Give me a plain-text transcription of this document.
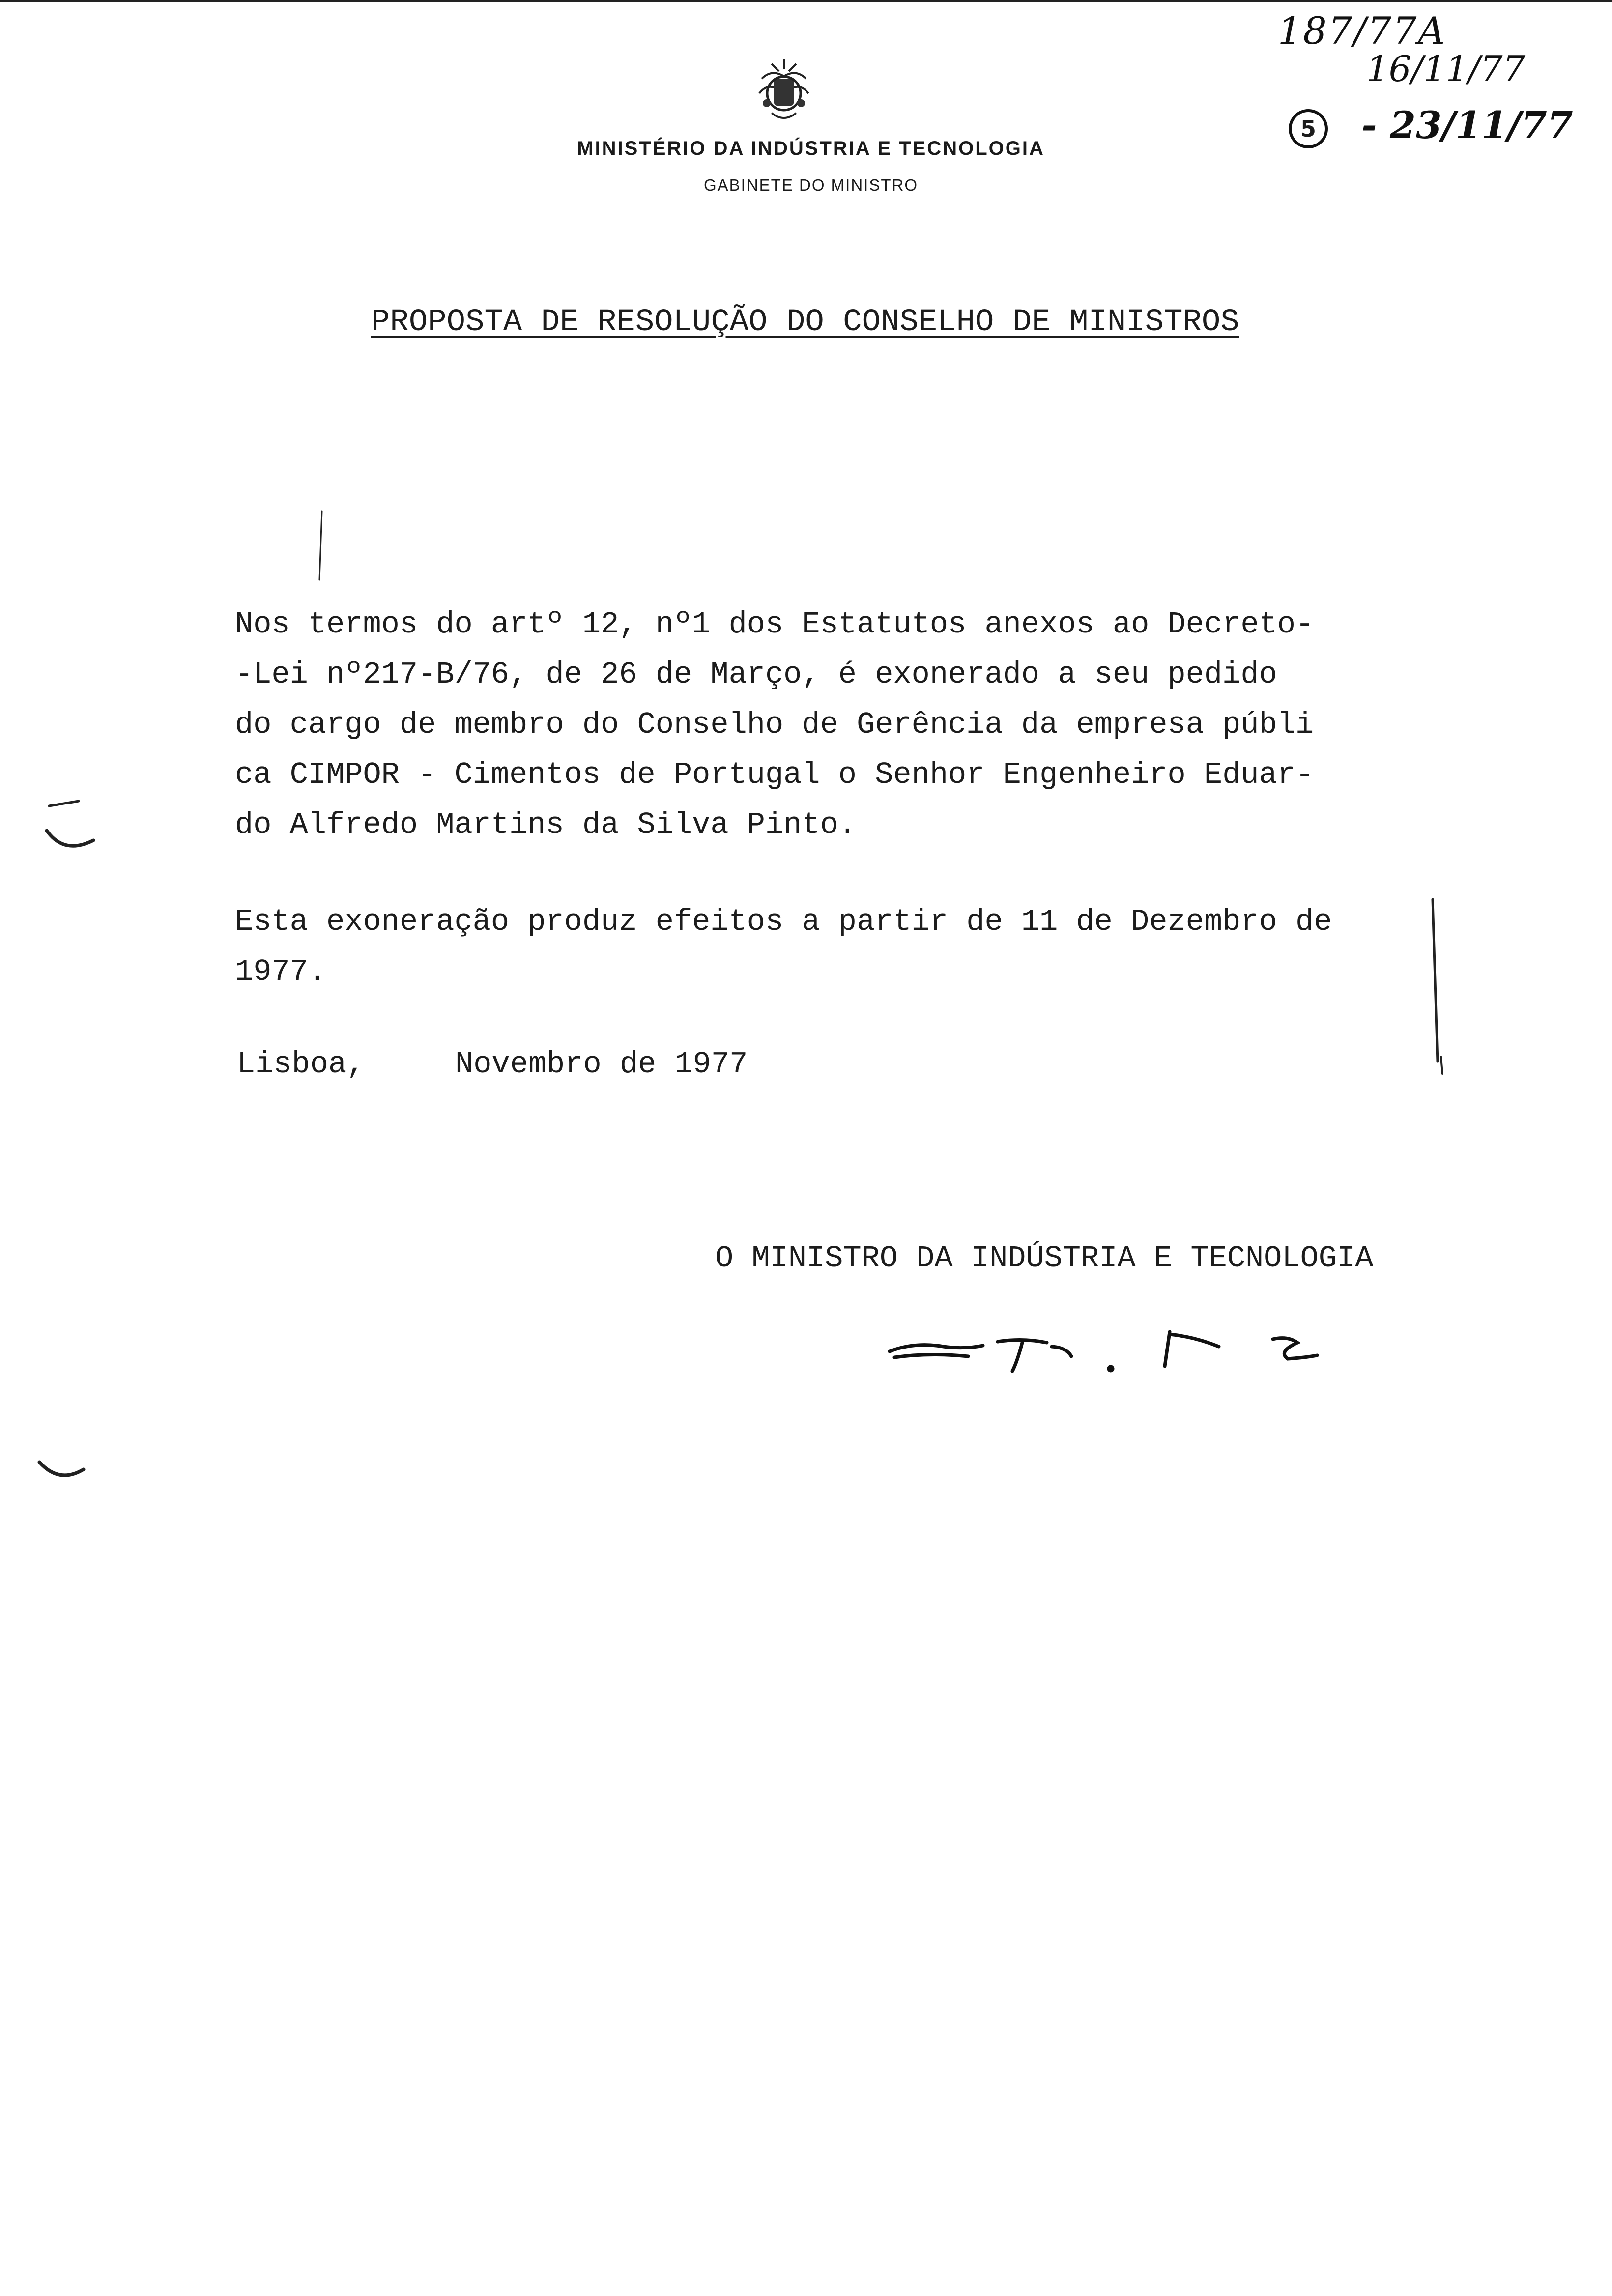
MINISTÉRIO DA INDÚSTRIA E TECNOLOGIA
GABINETE DO MINISTRO
187/77A
16/11/77
5	- 23/11/77
PROPOSTA DE RESOLUÇÃO DO CONSELHO DE MINISTROS
Nos termos do artº 12, nº1 dos Estatutos anexos ao Decreto-
-Lei nº217-B/76, de 26 de Março, é exonerado a seu pedido
do cargo de membro do Conselho de Gerência da empresa públi
ca CIMPOR - Cimentos de Portugal o Senhor Engenheiro Eduar-
do Alfredo Martins da Silva Pinto.
Esta exoneração produz efeitos a partir de 11 de Dezembro de
1977.
Lisboa,	Novembro de 1977
O MINISTRO DA INDÚSTRIA E TECNOLOGIA
